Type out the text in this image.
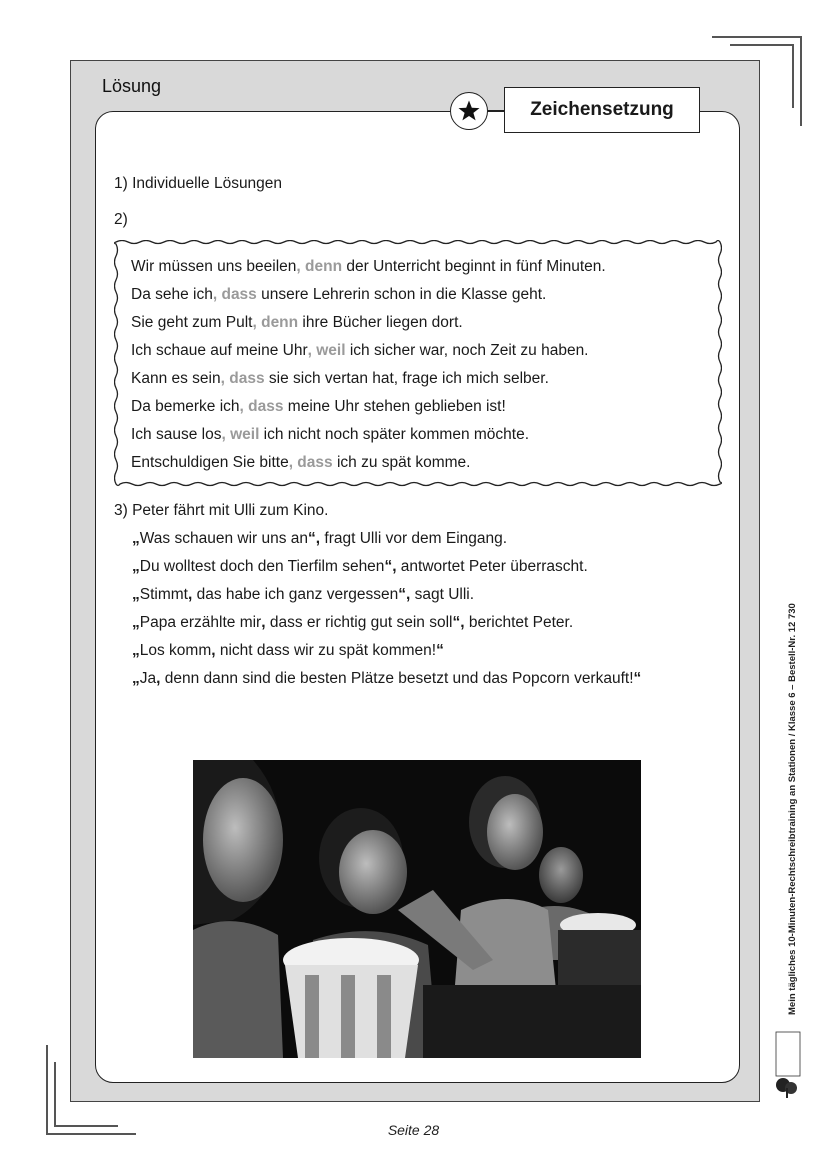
Lösung
Zeichensetzung
1) Individuelle Lösungen
2)
Wir müssen uns beeilen, denn der Unterricht beginnt in fünf Minuten.
Da sehe ich, dass unsere Lehrerin schon in die Klasse geht.
Sie geht zum Pult, denn ihre Bücher liegen dort.
Ich schaue auf meine Uhr, weil ich sicher war, noch Zeit zu haben.
Kann es sein, dass sie sich vertan hat, frage ich mich selber.
Da bemerke ich, dass meine Uhr stehen geblieben ist!
Ich sause los, weil ich nicht noch später kommen möchte.
Entschuldigen Sie bitte, dass ich zu spät komme.
3) Peter fährt mit Ulli zum Kino.
„Was schauen wir uns an“, fragt Ulli vor dem Eingang.
„Du wolltest doch den Tierfilm sehen“, antwortet Peter überrascht.
„Stimmt, das habe ich ganz vergessen“, sagt Ulli.
„Papa erzählte mir, dass er richtig gut sein soll“, berichtet Peter.
„Los komm, nicht dass wir zu spät kommen!“
„Ja, denn dann sind die besten Plätze besetzt und das Popcorn verkauft!“	Mein tägliches 10-Minuten-Rechtschreibtraining an Stationen / Klasse 6 – Bestell-Nr. 12 730
Seite 28
